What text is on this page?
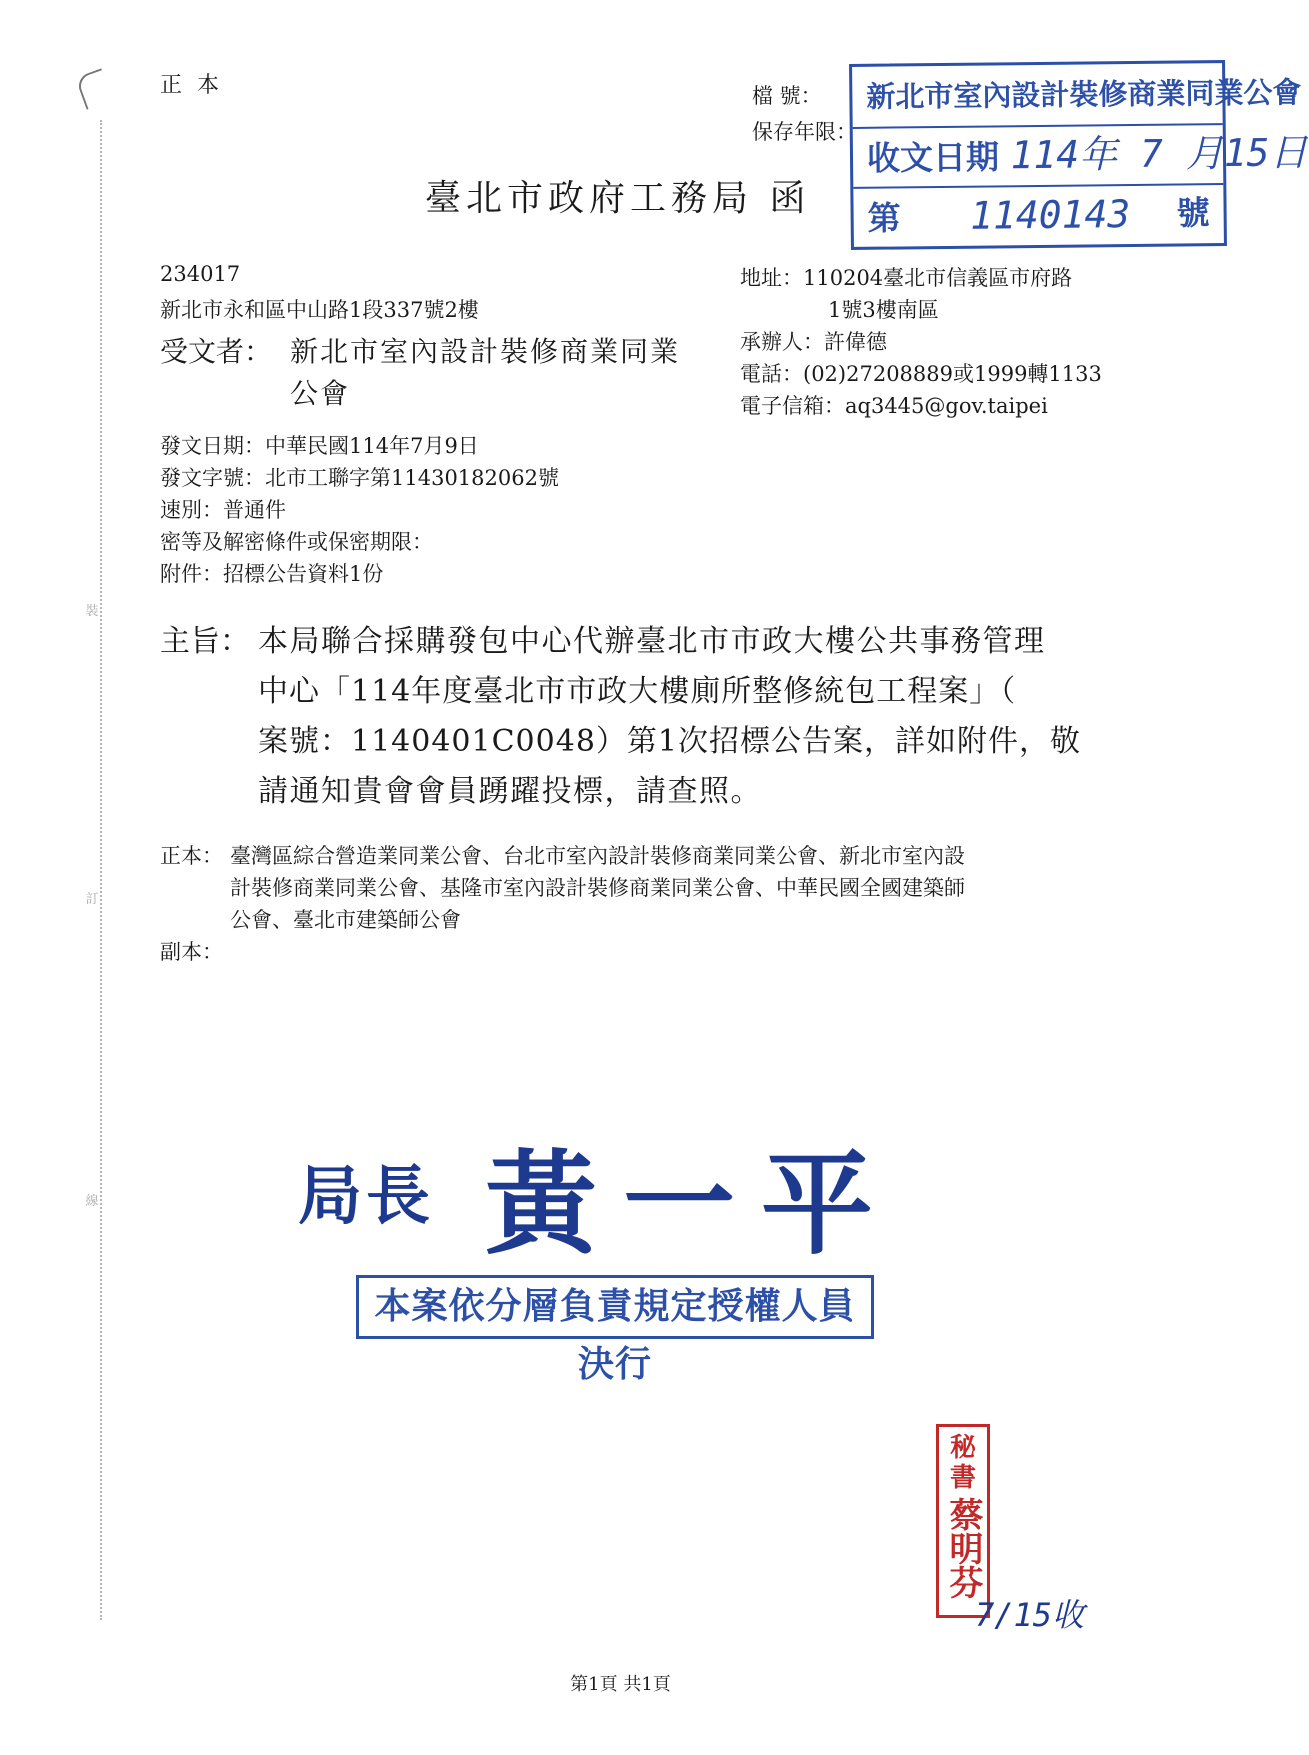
裝
訂
線
正 本	檔 號：
保存年限：
臺北市政府工務局 函
新北市室內設計裝修商業同業公會
收文日期 114年 7 月15日
第 1140143 號
234017
新北市永和區中山路1段337號2樓
受文者： 新北市室內設計裝修商業同業
公會
地址：110204臺北市信義區市府路
1號3樓南區
承辦人：許偉德
電話：(02)27208889或1999轉1133
電子信箱：aq3445@gov.taipei
發文日期：中華民國114年7月9日
發文字號：北市工聯字第11430182062號
速別：普通件
密等及解密條件或保密期限：
附件：招標公告資料1份
主旨： 本局聯合採購發包中心代辦臺北市市政大樓公共事務管理
中心「114年度臺北市市政大樓廁所整修統包工程案」（
案號：1140401C0048）第1次招標公告案，詳如附件，敬
請通知貴會會員踴躍投標，請查照。
正本： 臺灣區綜合營造業同業公會、台北市室內設計裝修商業同業公會、新北市室內設
計裝修商業同業公會、基隆市室內設計裝修商業同業公會、中華民國全國建築師
公會、臺北市建築師公會
副本：
局長 黃一平
本案依分層負責規定授權人員決行
秘書
蔡明芬
7/15收
第1頁 共1頁
